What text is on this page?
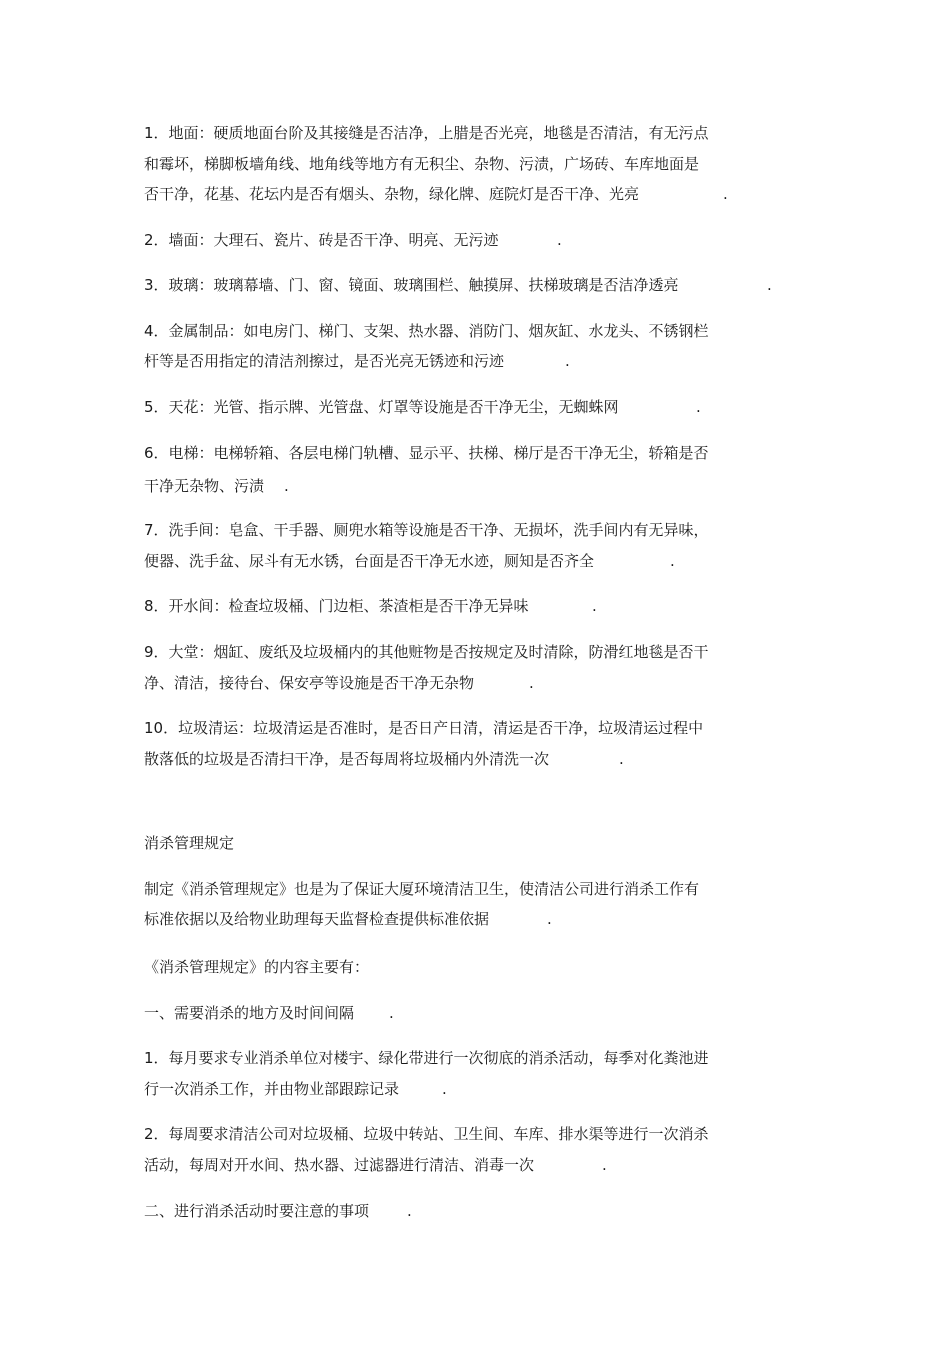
1．地面：硬质地面台阶及其接缝是否洁净，上腊是否光亮，地毯是否清洁，有无污点
和霉坏，梯脚板墙角线、地角线等地方有无积尘、杂物、污渍，广场砖、车库地面是
否干净，花基、花坛内是否有烟头、杂物，绿化牌、庭院灯是否干净、光亮	.
2．墙面：大理石、瓷片、砖是否干净、明亮、无污迹	.
3．玻璃：玻璃幕墙、门、窗、镜面、玻璃围栏、触摸屏、扶梯玻璃是否洁净透亮	.
4．金属制品：如电房门、梯门、支架、热水器、消防门、烟灰缸、水龙头、不锈钢栏
杆等是否用指定的清洁剂擦过，是否光亮无锈迹和污迹	.
5．天花：光管、指示牌、光管盘、灯罩等设施是否干净无尘，无蜘蛛网	.
6．电梯：电梯轿箱、各层电梯门轨槽、显示平、扶梯、梯厅是否干净无尘，轿箱是否
干净无杂物、污渍 .
7．洗手间：皂盒、干手器、厕兜水箱等设施是否干净、无损坏，洗手间内有无异味，
便器、洗手盆、尿斗有无水锈，台面是否干净无水迹，厕知是否齐全	.
8．开水间：检查垃圾桶、门边柜、茶渣柜是否干净无异味	.
9．大堂：烟缸、废纸及垃圾桶内的其他赃物是否按规定及时清除，防滑红地毯是否干
净、清洁，接待台、保安亭等设施是否干净无杂物	.
10．垃圾清运：垃圾清运是否准时，是否日产日清，清运是否干净，垃圾清运过程中
散落低的垃圾是否清扫干净，是否每周将垃圾桶内外清洗一次	.
消杀管理规定
制定《消杀管理规定》也是为了保证大厦环境清洁卫生，使清洁公司进行消杀工作有
标准依据以及给物业助理每天监督检查提供标准依据	.
《消杀管理规定》的内容主要有：
一、需要消杀的地方及时间间隔 .
1．每月要求专业消杀单位对楼宇、绿化带进行一次彻底的消杀活动，每季对化粪池进
行一次消杀工作，并由物业部跟踪记录	.
2．每周要求清洁公司对垃圾桶、垃圾中转站、卫生间、车库、排水渠等进行一次消杀
活动，每周对开水间、热水器、过滤器进行清洁、消毒一次	.
二、进行消杀活动时要注意的事项	.
